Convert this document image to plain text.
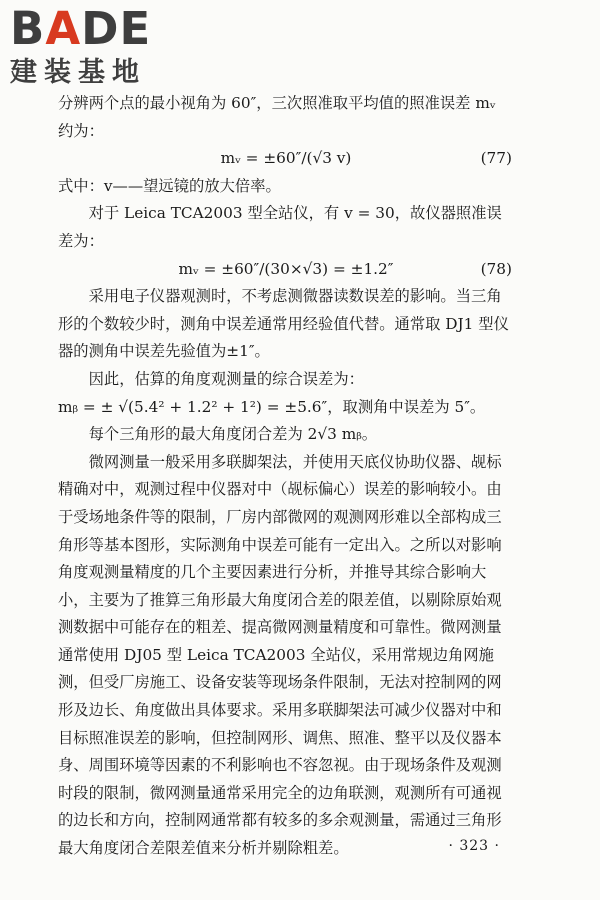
BADE
建装基地

分辨两个点的最小视角为 60″，三次照准取平均值的照准误差 mᵥ 约为：

mᵥ = ±60″/(√3 v)	(77)

式中：v——望远镜的放大倍率。

对于 Leica TCA2003 型全站仪，有 v = 30，故仪器照准误差为：

mᵥ = ±60″/(30×√3) = ±1.2″	(78)

采用电子仪器观测时，不考虑测微器读数误差的影响。当三角形的个数较少时，测角中误差通常用经验值代替。通常取 DJ1 型仪器的测角中误差先验值为±1″。

因此，估算的角度观测量的综合误差为：

mᵦ = ± √(5.4² + 1.2² + 1²) = ±5.6″，取测角中误差为 5″。

每个三角形的最大角度闭合差为 2√3 mᵦ。

微网测量一般采用多联脚架法，并使用天底仪协助仪器、觇标精确对中，观测过程中仪器对中（觇标偏心）误差的影响较小。由于受场地条件等的限制，厂房内部微网的观测网形难以全部构成三角形等基本图形，实际测角中误差可能有一定出入。之所以对影响角度观测量精度的几个主要因素进行分析，并推导其综合影响大小，主要为了推算三角形最大角度闭合差的限差值，以剔除原始观测数据中可能存在的粗差、提高微网测量精度和可靠性。微网测量通常使用 DJ05 型 Leica TCA2003 全站仪，采用常规边角网施测，但受厂房施工、设备安装等现场条件限制，无法对控制网的网形及边长、角度做出具体要求。采用多联脚架法可减少仪器对中和目标照准误差的影响，但控制网形、调焦、照准、整平以及仪器本身、周围环境等因素的不利影响也不容忽视。由于现场条件及观测时段的限制，微网测量通常采用完全的边角联测，观测所有可通视的边长和方向，控制网通常都有较多的多余观测量，需通过三角形最大角度闭合差限差值来分析并剔除粗差。	· 323 ·
